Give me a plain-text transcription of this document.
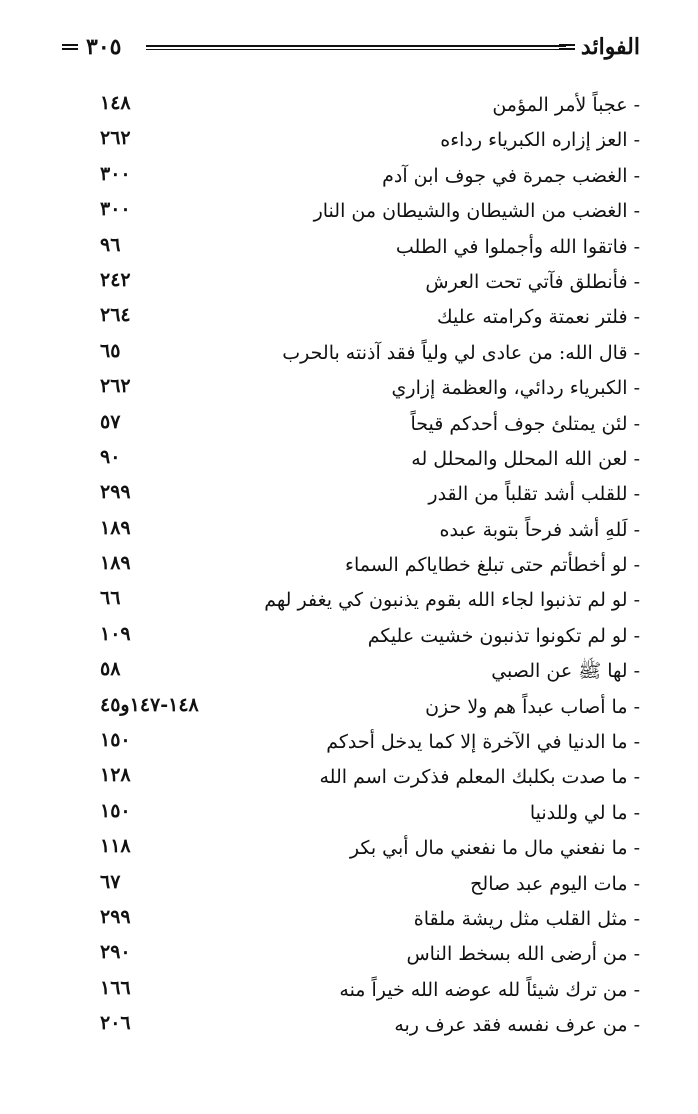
٣٠٥	الفوائد
- عجباً لأمر المؤمن
١٤٨
- العز إزاره الكبرياء رداءه
٢٦٢
- الغضب جمرة في جوف ابن آدم
٣٠٠
- الغضب من الشيطان والشيطان من النار
٣٠٠
- فاتقوا الله وأجملوا في الطلب
٩٦
- فأنطلق فآتي تحت العرش
٢٤٢
- فلتر نعمتة وكرامته عليك
٢٦٤
- قال الله: من عادى لي ولياً فقد آذنته بالحرب
٦٥
- الكبرياء ردائي، والعظمة إزاري
٢٦٢
- لئن يمتلئ جوف أحدكم قيحاً
٥٧
- لعن الله المحلل والمحلل له
٩٠
- للقلب أشد تقلباً من القدر
٢٩٩
- لَلهِ أشد فرحاً بتوبة عبده
١٨٩
- لو أخطأتم حتى تبلغ خطاياكم السماء
١٨٩
- لو لم تذنبوا لجاء الله بقوم يذنبون كي يغفر لهم
٦٦
- لو لم تكونوا تذنبون خشيت عليكم
١٠٩
- لها ﷺ عن الصبي
٥٨
- ما أصاب عبداً هم ولا حزن
١٤٨-١٤٧و٤٥
- ما الدنيا في الآخرة إلا كما يدخل أحدكم
١٥٠
- ما صدت بكلبك المعلم فذكرت اسم الله
١٢٨
- ما لي وللدنيا
١٥٠
- ما نفعني مال ما نفعني مال أبي بكر
١١٨
- مات اليوم عبد صالح
٦٧
- مثل القلب مثل ريشة ملقاة
٢٩٩
- من أرضى الله بسخط الناس
٢٩٠
- من ترك شيئاً لله عوضه الله خيراً منه
١٦٦
- من عرف نفسه فقد عرف ربه
٢٠٦
